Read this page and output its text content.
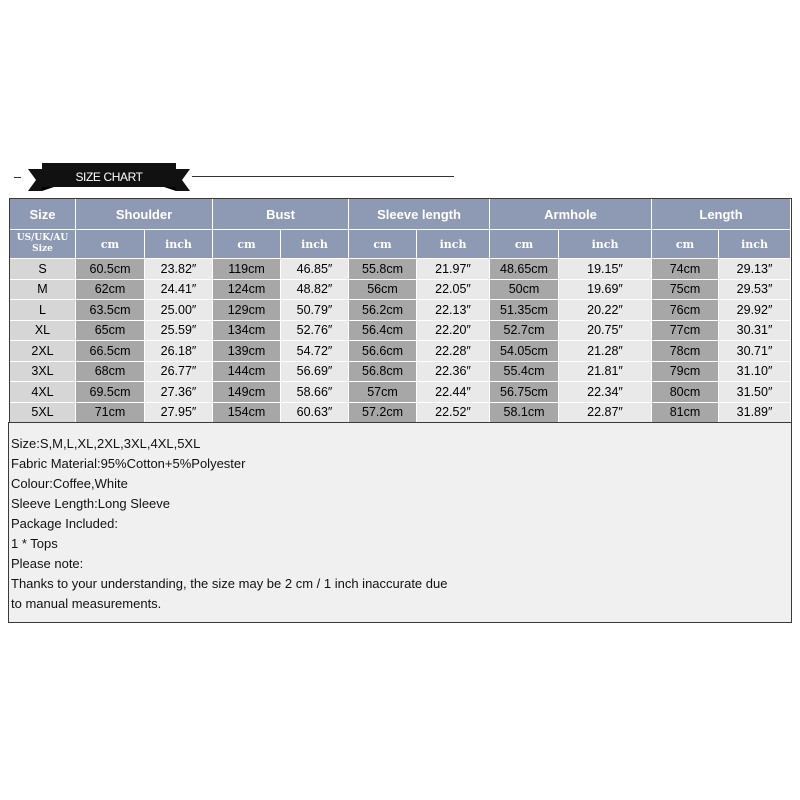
SIZE CHART
Size	Shoulder		Bust		Sleeve length		Armhole		Length	

US/UK/AU
Size	cm	inch	cm	inch	cm	inch	cm	inch	cm	inch
S	60.5cm	23.82″	119cm	46.85″	55.8cm	21.97″	48.65cm	19.15″	74cm	29.13″
M	62cm	24.41″	124cm	48.82″	56cm	22.05″	50cm	19.69″	75cm	29.53″
L	63.5cm	25.00″	129cm	50.79″	56.2cm	22.13″	51.35cm	20.22″	76cm	29.92″
XL	65cm	25.59″	134cm	52.76″	56.4cm	22.20″	52.7cm	20.75″	77cm	30.31″
2XL	66.5cm	26.18″	139cm	54.72″	56.6cm	22.28″	54.05cm	21.28″	78cm	30.71″
3XL	68cm	26.77″	144cm	56.69″	56.8cm	22.36″	55.4cm	21.81″	79cm	31.10″
4XL	69.5cm	27.36″	149cm	58.66″	57cm	22.44″	56.75cm	22.34″	80cm	31.50″
5XL	71cm	27.95″	154cm	60.63″	57.2cm	22.52″	58.1cm	22.87″	81cm	31.89″
Size:S,M,L,XL,2XL,3XL,4XL,5XL
Fabric Material:95%Cotton+5%Polyester
Colour:Coffee,White
Sleeve Length:Long Sleeve
Package Included:
1 * Tops
Please note:
Thanks to your understanding, the size may be 2 cm / 1 inch inaccurate due
to manual measurements.
